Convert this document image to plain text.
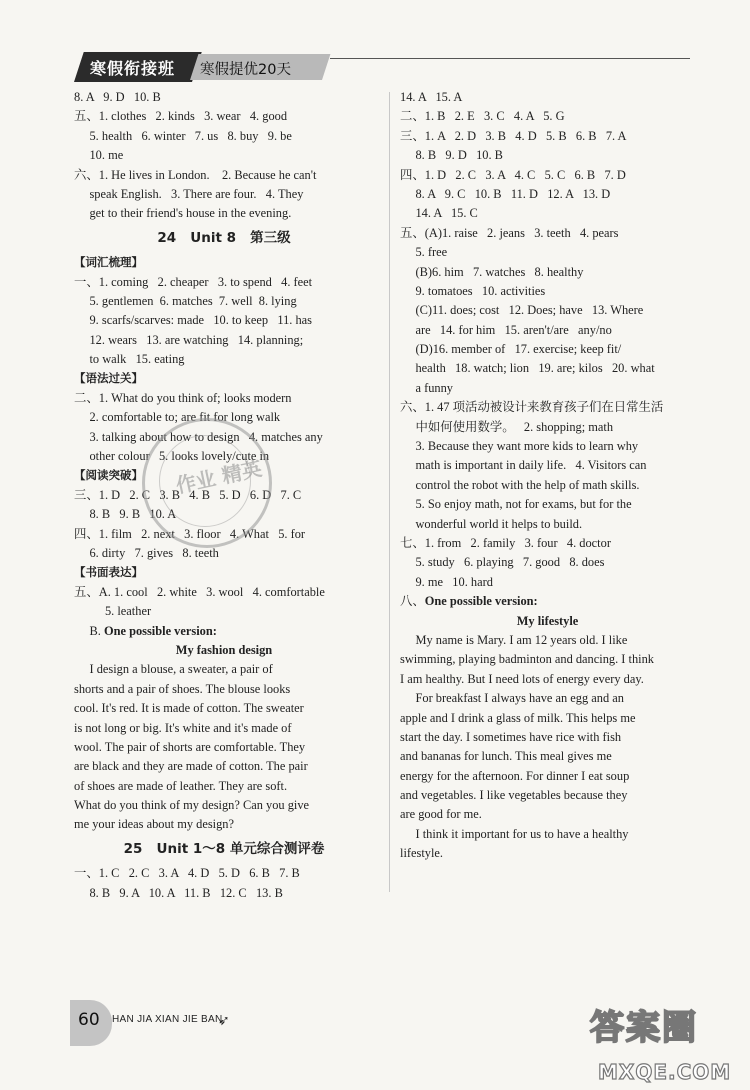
寒假衔接班 寒假提优20天
8. A   9. D   10. B
五、1. clothes   2. kinds   3. wear   4. good
5. health   6. winter   7. us   8. buy   9. be
10. me
六、1. He lives in London.    2. Because he can't
speak English.   3. There are four.   4. They
get to their friend's house in the evening.
24   Unit 8   第三级
【词汇梳理】
一、1. coming   2. cheaper   3. to spend   4. feet
5. gentlemen  6. matches  7. well  8. lying
9. scarfs/scarves: made   10. to keep   11. has
12. wears   13. are watching   14. planning;
to walk   15. eating
【语法过关】
二、1. What do you think of; looks modern
2. comfortable to; are fit for long walk
3. talking about how to design   4. matches any
other colour   5. looks lovely/cute in
【阅读突破】
三、1. D   2. C   3. B   4. B   5. D   6. D   7. C
8. B   9. B   10. A
四、1. film   2. next   3. floor   4. What   5. for
6. dirty   7. gives   8. teeth
【书面表达】
五、A. 1. cool   2. white   3. wool   4. comfortable
5. leather
B. One possible version:
My fashion design
I design a blouse, a sweater, a pair of
shorts and a pair of shoes. The blouse looks
cool. It's red. It is made of cotton. The sweater
is not long or big. It's white and it's made of
wool. The pair of shorts are comfortable. They
are black and they are made of cotton. The pair
of shoes are made of leather. They are soft.
What do you think of my design? Can you give
me your ideas about my design?
25   Unit 1～8 单元综合测评卷
一、1. C   2. C   3. A   4. D   5. D   6. B   7. B
8. B   9. A   10. A   11. B   12. C   13. B
14. A   15. A
二、1. B   2. E   3. C   4. A   5. G
三、1. A   2. D   3. B   4. D   5. B   6. B   7. A
8. B   9. D   10. B
四、1. D   2. C   3. A   4. C   5. C   6. B   7. D
8. A   9. C   10. B   11. D   12. A   13. D
14. A   15. C
五、(A)1. raise   2. jeans   3. teeth   4. pears
5. free
(B)6. him   7. watches   8. healthy
9. tomatoes   10. activities
(C)11. does; cost   12. Does; have   13. Where
are   14. for him   15. aren't/are   any/no
(D)16. member of   17. exercise; keep fit/
health   18. watch; lion   19. are; kilos   20. what
a funny
六、1. 47 项活动被设计来教育孩子们在日常生活
中如何使用数学。   2. shopping; math
3. Because they want more kids to learn why
math is important in daily life.   4. Visitors can
control the robot with the help of math skills.
5. So enjoy math, not for exams, but for the
wonderful world it helps to build.
七、1. from   2. family   3. four   4. doctor
5. study   6. playing   7. good   8. does
9. me   10. hard
八、One possible version:
My lifestyle
My name is Mary. I am 12 years old. I like
swimming, playing badminton and dancing. I think
I am healthy. But I need lots of energy every day.
For breakfast I always have an egg and an
apple and I drink a glass of milk. This helps me
start the day. I sometimes have rice with fish
and bananas for lunch. This meal gives me
energy for the afternoon. For dinner I eat soup
and vegetables. I like vegetables because they
are good for me.
I think it important for us to have a healthy
lifestyle.
作业 精英
60 HAN JIA XIAN JIE BAN
➶	答案圈
MXQE.COM
